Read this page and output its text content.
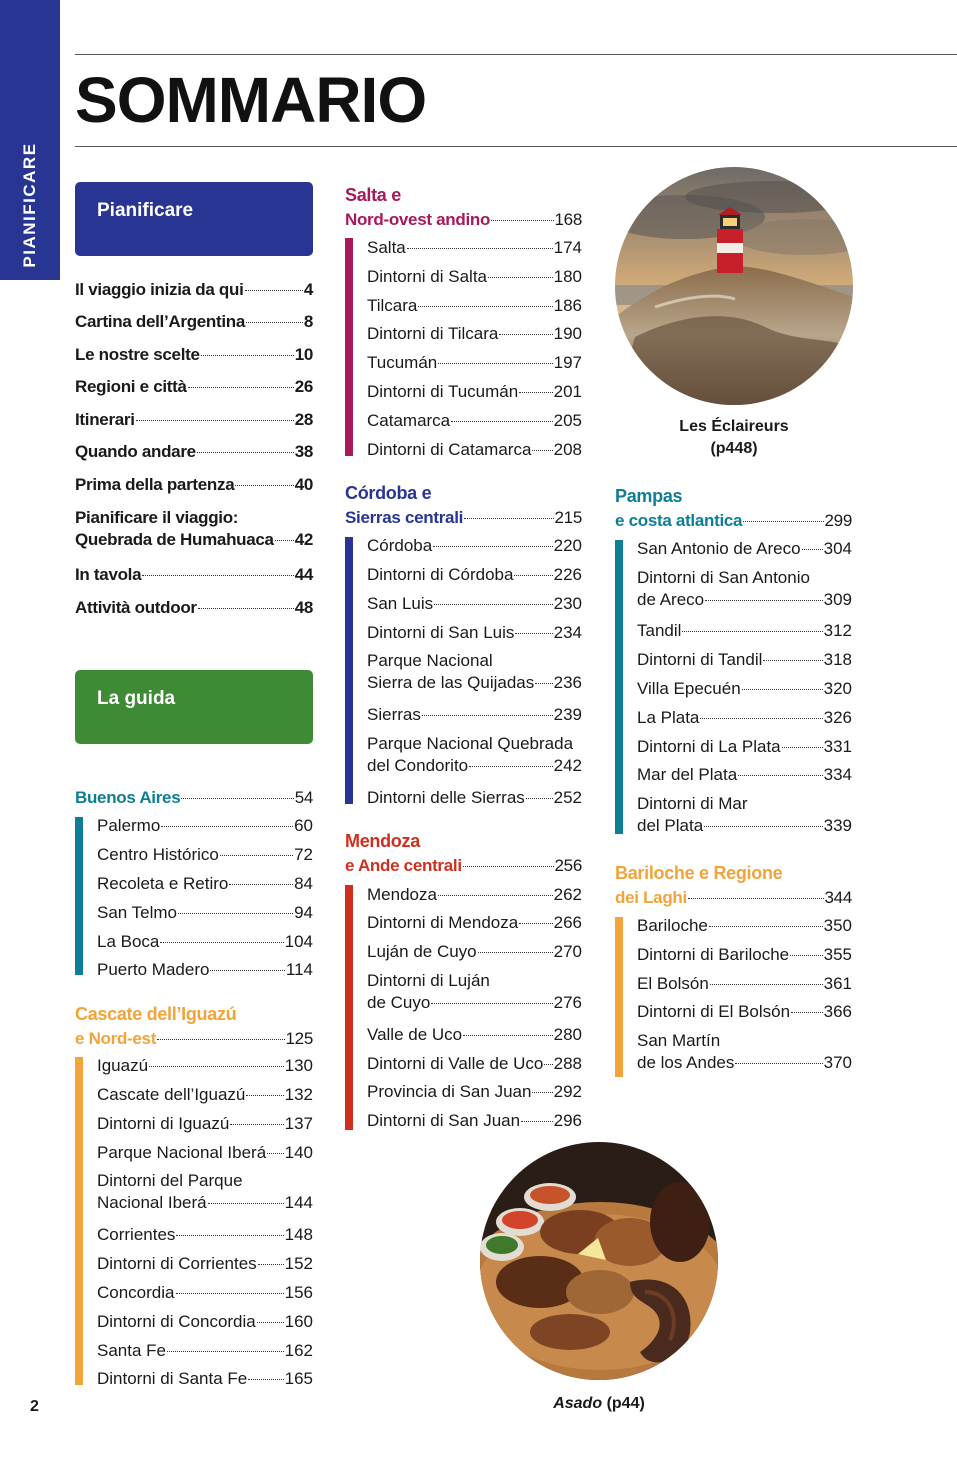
PIANIFICARE
SOMMARIO
Pianificare
Il viaggio inizia da qui	4
Cartina dell’Argentina	8
Le nostre scelte	10
Regioni e città	26
Itinerari	28
Quando andare	38
Prima della partenza	40
Pianificare il viaggio:
Quebrada de Humahuaca 42
In tavola	44
Attività outdoor	48
La guida
Buenos Aires	54
Palermo	60
Centro Histórico	72
Recoleta e Retiro	84
San Telmo	94
La Boca	104
Puerto Madero	114
Cascate dell’Iguazú
e Nord-est	125
Iguazú	130
Cascate dell’Iguazú 132
Dintorni di Iguazú	137
Parque Nacional Iberá 140
Dintorni del Parque
Nacional Iberá	144
Corrientes	148
Dintorni di Corrientes 152
Concordia	156
Dintorni di Concordia 160
Santa Fe	162
Dintorni di Santa Fe 165
2
Salta e
Nord-ovest andino	168
Salta	174
Dintorni di Salta	180
Tilcara	186
Dintorni di Tilcara	190
Tucumán	197
Dintorni di Tucumán 201
Catamarca	205
Dintorni di Catamarca 208
Córdoba e
Sierras centrali	215
Córdoba	220
Dintorni di Córdoba 226
San Luis	230
Dintorni di San Luis 234
Parque Nacional
Sierra de las Quijadas 236
Sierras	239
Parque Nacional Quebrada
del Condorito	242
Dintorni delle Sierras 252
Mendoza
e Ande centrali	256
Mendoza	262
Dintorni di Mendoza 266
Luján de Cuyo	270
Dintorni di Luján
de Cuyo	276
Valle de Uco	280
Dintorni di Valle de Uco 288
Provincia di San Juan 292
Dintorni di San Juan 296
Les Éclaireurs
(p448)
Pampas
e costa atlantica	299
San Antonio de Areco 304
Dintorni di San Antonio
de Areco	309
Tandil	312
Dintorni di Tandil	318
Villa Epecuén	320
La Plata	326
Dintorni di La Plata	331
Mar del Plata	334
Dintorni di Mar
del Plata	339
Bariloche e Regione
dei Laghi	344
Bariloche	350
Dintorni di Bariloche 355
El Bolsón	361
Dintorni di El Bolsón 366
San Martín
de los Andes	370
Asado (p44)
